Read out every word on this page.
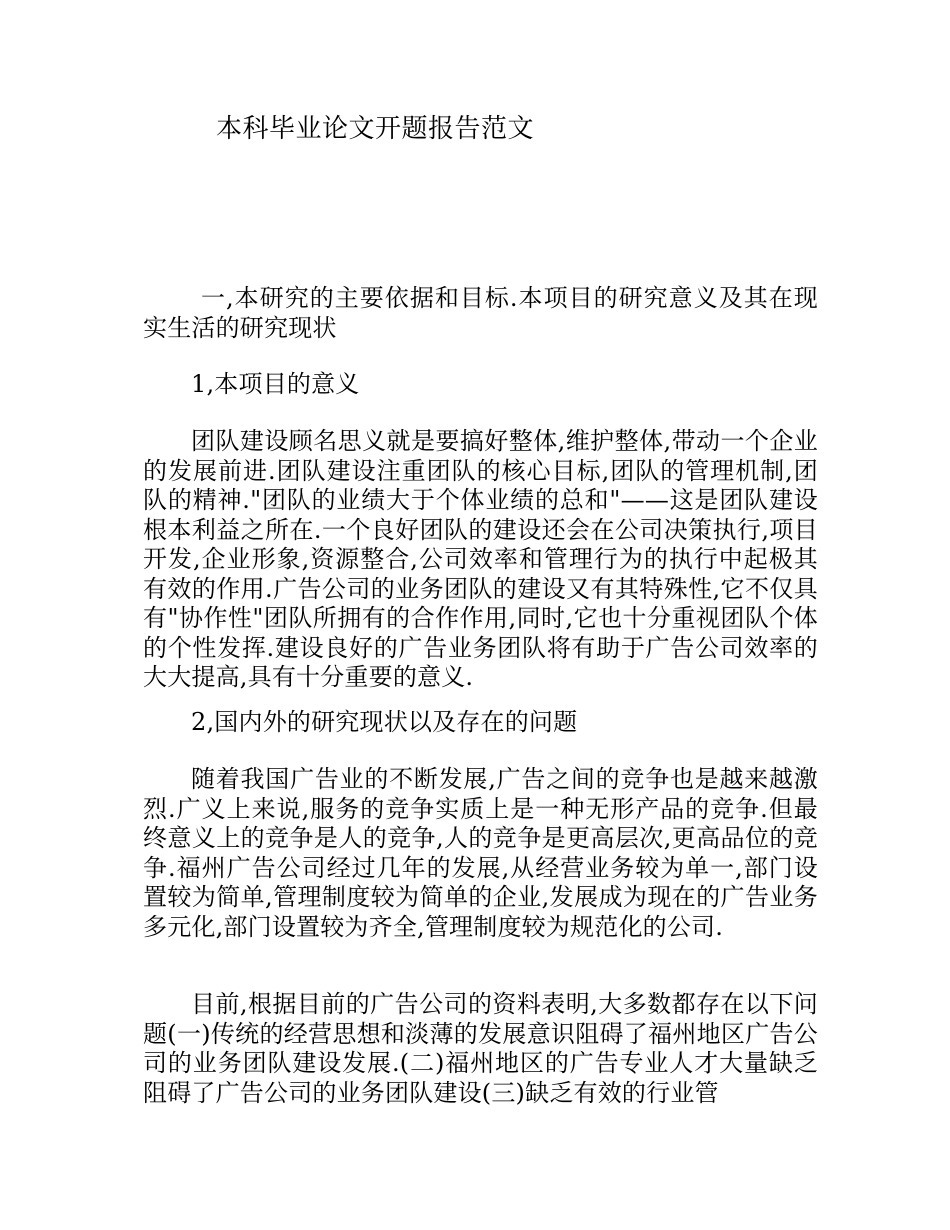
本科毕业论文开题报告范文

一,本研究的主要依据和目标.本项目的研究意义及其在现实生活的研究现状

1,本项目的意义

团队建设顾名思义就是要搞好整体,维护整体,带动一个企业的发展前进.团队建设注重团队的核心目标,团队的管理机制,团队的精神."团队的业绩大于个体业绩的总和"——这是团队建设根本利益之所在.一个良好团队的建设还会在公司决策执行,项目开发,企业形象,资源整合,公司效率和管理行为的执行中起极其有效的作用.广告公司的业务团队的建设又有其特殊性,它不仅具有"协作性"团队所拥有的合作作用,同时,它也十分重视团队个体的个性发挥.建设良好的广告业务团队将有助于广告公司效率的大大提高,具有十分重要的意义.

2,国内外的研究现状以及存在的问题

随着我国广告业的不断发展,广告之间的竞争也是越来越激烈.广义上来说,服务的竞争实质上是一种无形产品的竞争.但最终意义上的竞争是人的竞争,人的竞争是更高层次,更高品位的竞争.福州广告公司经过几年的发展,从经营业务较为单一,部门设置较为简单,管理制度较为简单的企业,发展成为现在的广告业务多元化,部门设置较为齐全,管理制度较为规范化的公司.

目前,根据目前的广告公司的资料表明,大多数都存在以下问题(一)传统的经营思想和淡薄的发展意识阻碍了福州地区广告公司的业务团队建设发展.(二)福州地区的广告专业人才大量缺乏阻碍了广告公司的业务团队建设(三)缺乏有效的行业管
